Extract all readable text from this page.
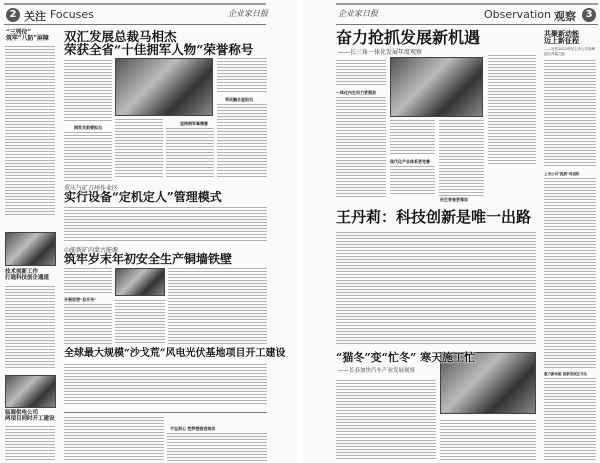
2 关注 Focuses	企业家日报
“三列位”
筑牢“八防”屏障
技术创新工作
打通科技创企通道
临海供电公司
两项目同时开工建设
双汇发展总裁马相杰
荣获全省“十佳拥军人物”荣誉称号
拥军支前要担当
坚持拥军真情意
军民融合显担当
重庆气矿万州作业区
实行设备“定机定人”管理模式
山能新矿内蒙古能源
筑牢岁末年初安全生产铜墙铁壁
开展思想“总开关”
全球最大规模“沙戈荒”风电光伏基地项目开工建设
不忘初心 把梦想照进现实
企业家日报	Observation 观察 3
奋力抢抓发展新机遇
——长三角一体化发展年度观察
一体化内生动力更强劲
现代化产业体系更完善
民生答卷更厚实
王丹莉：科技创新是唯一出路
“猫冬”变“忙冬” 寒天施工忙
——长春加快汽车产业发展观察
共聚新动能
迈上新征程
——写在2022中国上市公司高峰论坛开幕之际
上市公司“提质”再进阶
重力新动能 创新发展正当头
